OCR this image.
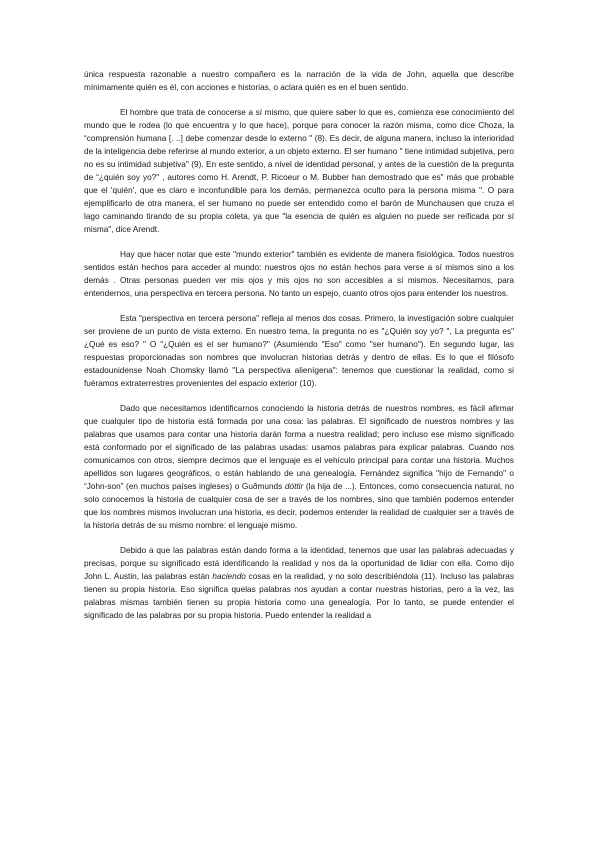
única respuesta razonable a nuestro compañero es la narración de la vida de John, aquella que describe mínimamente quién es él, con acciones e historias, o aclara quién es en el buen sentido.

El hombre que trata de conocerse a sí mismo, que quiere saber lo que es, comienza ese conocimiento del mundo que le rodea (lo que encuentra y lo que hace), porque para conocer la razón misma, como dice Choza, la “comprensión humana [. ..] debe comenzar desde lo externo " (8). Es decir, de alguna manera, incluso la interioridad de la inteligencia debe referirse al mundo exterior, a un objeto externo. El ser humano " tiene intimidad subjetiva, pero no es su intimidad subjetiva" (9). En este sentido, a nivel de identidad personal, y antes de la cuestión de la pregunta de “¿quién soy yo?" , autores como H. Arendt, P. Ricoeur o M. Bubber han demostrado que es" más que probable que el 'quién', que es claro e inconfundible para los demás, permanezca oculto para la persona misma ". O para ejemplificarlo de otra manera, el ser humano no puede ser entendido como el barón de Munchausen que cruza el lago caminando tirando de su propia coleta, ya que "la esencia de quién es alguien no puede ser reificada por sí misma", dice Arendt.

Hay que hacer notar que este "mundo exterior" también es evidente de manera fisiológica. Todos nuestros sentidos están hechos para acceder al mundo: nuestros ojos no están hechos para verse a sí mismos sino a los demás . Otras personas pueden ver mis ojos y mis ojos no son accesibles a sí mismos. Necesitamos, para entendernos, una perspectiva en tercera persona. No tanto un espejo, cuanto otros ojos para entender los nuestros.

Esta "perspectiva en tercera persona" refleja al menos dos cosas. Primero, la investigación sobre cualquier ser proviene de un punto de vista externo. En nuestro tema, la pregunta no es "¿Quién soy yo? ", La pregunta es" ¿Qué es eso? " O "¿Quién es el ser humano?" (Asumiendo "Eso" como "ser humano"). En segundo lugar, las respuestas proporcionadas son nombres que involucran historias detrás y dentro de ellas. Es lo que el filósofo estadounidense Noah Chomsky llamó "La perspectiva alienígena": tenemos que cuestionar la realidad, como si fuéramos extraterrestres provenientes del espacio exterior (10).

Dado que necesitamos identificarnos conociendo la historia detrás de nuestros nombres, es fácil afirmar que cualquier tipo de historia está formada por una cosa: las palabras. El significado de nuestros nombres y las palabras que usamos para contar una historia darán forma a nuestra realidad; pero incluso ese mismo significado está conformado por el significado de las palabras usadas: usamos palabras para explicar palabras. Cuando nos comunicamos con otros, siempre decimos que el lenguaje es el vehículo principal para contar una historia. Muchos apellidos son lugares geográficos, o están hablando de una genealogía. Fernández significa "hijo de Fernando" o “John-son” (en muchos países ingleses) o Guðmunds dóttir (la hija de ...). Entonces, como consecuencia natural, no solo conocemos la historia de cualquier cosa de ser a través de los nombres, sino que también podemos entender que los nombres mismos involucran una historia, es decir, podemos entender la realidad de cualquier ser a través de la historia detrás de su mismo nombre: el lenguaje mismo.

Debido a que las palabras están dando forma a la identidad, tenemos que usar las palabras adecuadas y precisas, porque su significado está identificando la realidad y nos da la oportunidad de lidiar con ella. Como dijo John L. Austin, las palabras están haciendo cosas en la realidad, y no solo describiéndola (11). Incluso las palabras tienen su propia historia. Eso significa quelas palabras nos ayudan a contar nuestras historias, pero a la vez, las palabras mismas también tienen su propia historia como una genealogía. Por lo tanto, se puede entender el significado de las palabras por su propia historia. Puedo entender la realidad a
